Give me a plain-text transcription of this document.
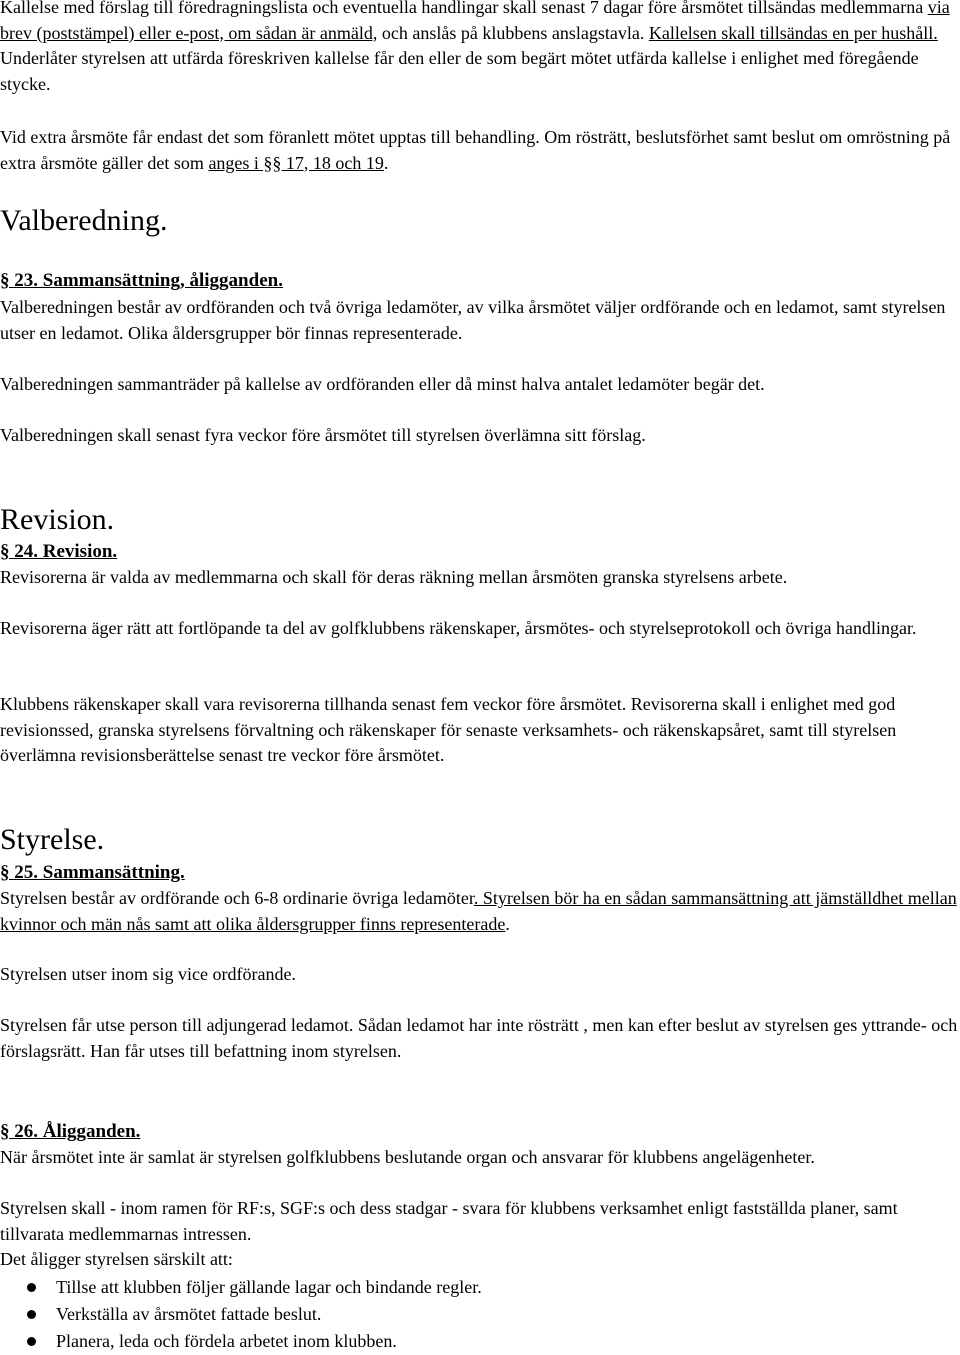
Kallelse med förslag till föredragningslista och eventuella handlingar skall senast 7 dagar före årsmötet tillsändas medlemmarna via brev (poststämpel) eller e-post, om sådan är anmäld, och anslås på klubbens anslagstavla. Kallelsen skall tillsändas en per hushåll. Underlåter styrelsen att utfärda föreskriven kallelse får den eller de som begärt mötet utfärda kallelse i enlighet med föregående stycke.

Vid extra årsmöte får endast det som föranlett mötet upptas till behandling. Om rösträtt, beslutsförhet samt beslut om omröstning på extra årsmöte gäller det som anges i §§ 17, 18 och 19.

Valberedning.
§ 23. Sammansättning, åligganden.

Valberedningen består av ordföranden och två övriga ledamöter, av vilka årsmötet väljer ordförande och en ledamot, samt styrelsen utser en ledamot. Olika åldersgrupper bör finnas representerade.

Valberedningen sammanträder på kallelse av ordföranden eller då minst halva antalet ledamöter begär det.

Valberedningen skall senast fyra veckor före årsmötet till styrelsen överlämna sitt förslag.

Revision.
§ 24. Revision.

Revisorerna är valda av medlemmarna och skall för deras räkning mellan årsmöten granska styrelsens arbete.

Revisorerna äger rätt att fortlöpande ta del av golfklubbens räkenskaper, årsmötes- och styrelseprotokoll och övriga handlingar.

Klubbens räkenskaper skall vara revisorerna tillhanda senast fem veckor före årsmötet. Revisorerna skall i enlighet med god revisionssed, granska styrelsens förvaltning och räkenskaper för senaste verksamhets- och räkenskapsåret, samt till styrelsen överlämna revisionsberättelse senast tre veckor före årsmötet.

Styrelse.
§ 25. Sammansättning.

Styrelsen består av ordförande och 6-8 ordinarie övriga ledamöter. Styrelsen bör ha en sådan sammansättning att jämställdhet mellan kvinnor och män nås samt att olika åldersgrupper finns representerade.

Styrelsen utser inom sig vice ordförande.

Styrelsen får utse person till adjungerad ledamot. Sådan ledamot har inte rösträtt , men kan efter beslut av styrelsen ges yttrande- och förslagsrätt. Han får utses till befattning inom styrelsen.

§ 26. Åligganden.

När årsmötet inte är samlat är styrelsen golfklubbens beslutande organ och ansvarar för klubbens angelägenheter.

Styrelsen skall - inom ramen för RF:s, SGF:s och dess stadgar - svara för klubbens verksamhet enligt fastställda planer, samt tillvarata medlemmarnas intressen.

Det åligger styrelsen särskilt att:

Tillse att klubben följer gällande lagar och bindande regler.
Verkställa av årsmötet fattade beslut.
Planera, leda och fördela arbetet inom klubben.
